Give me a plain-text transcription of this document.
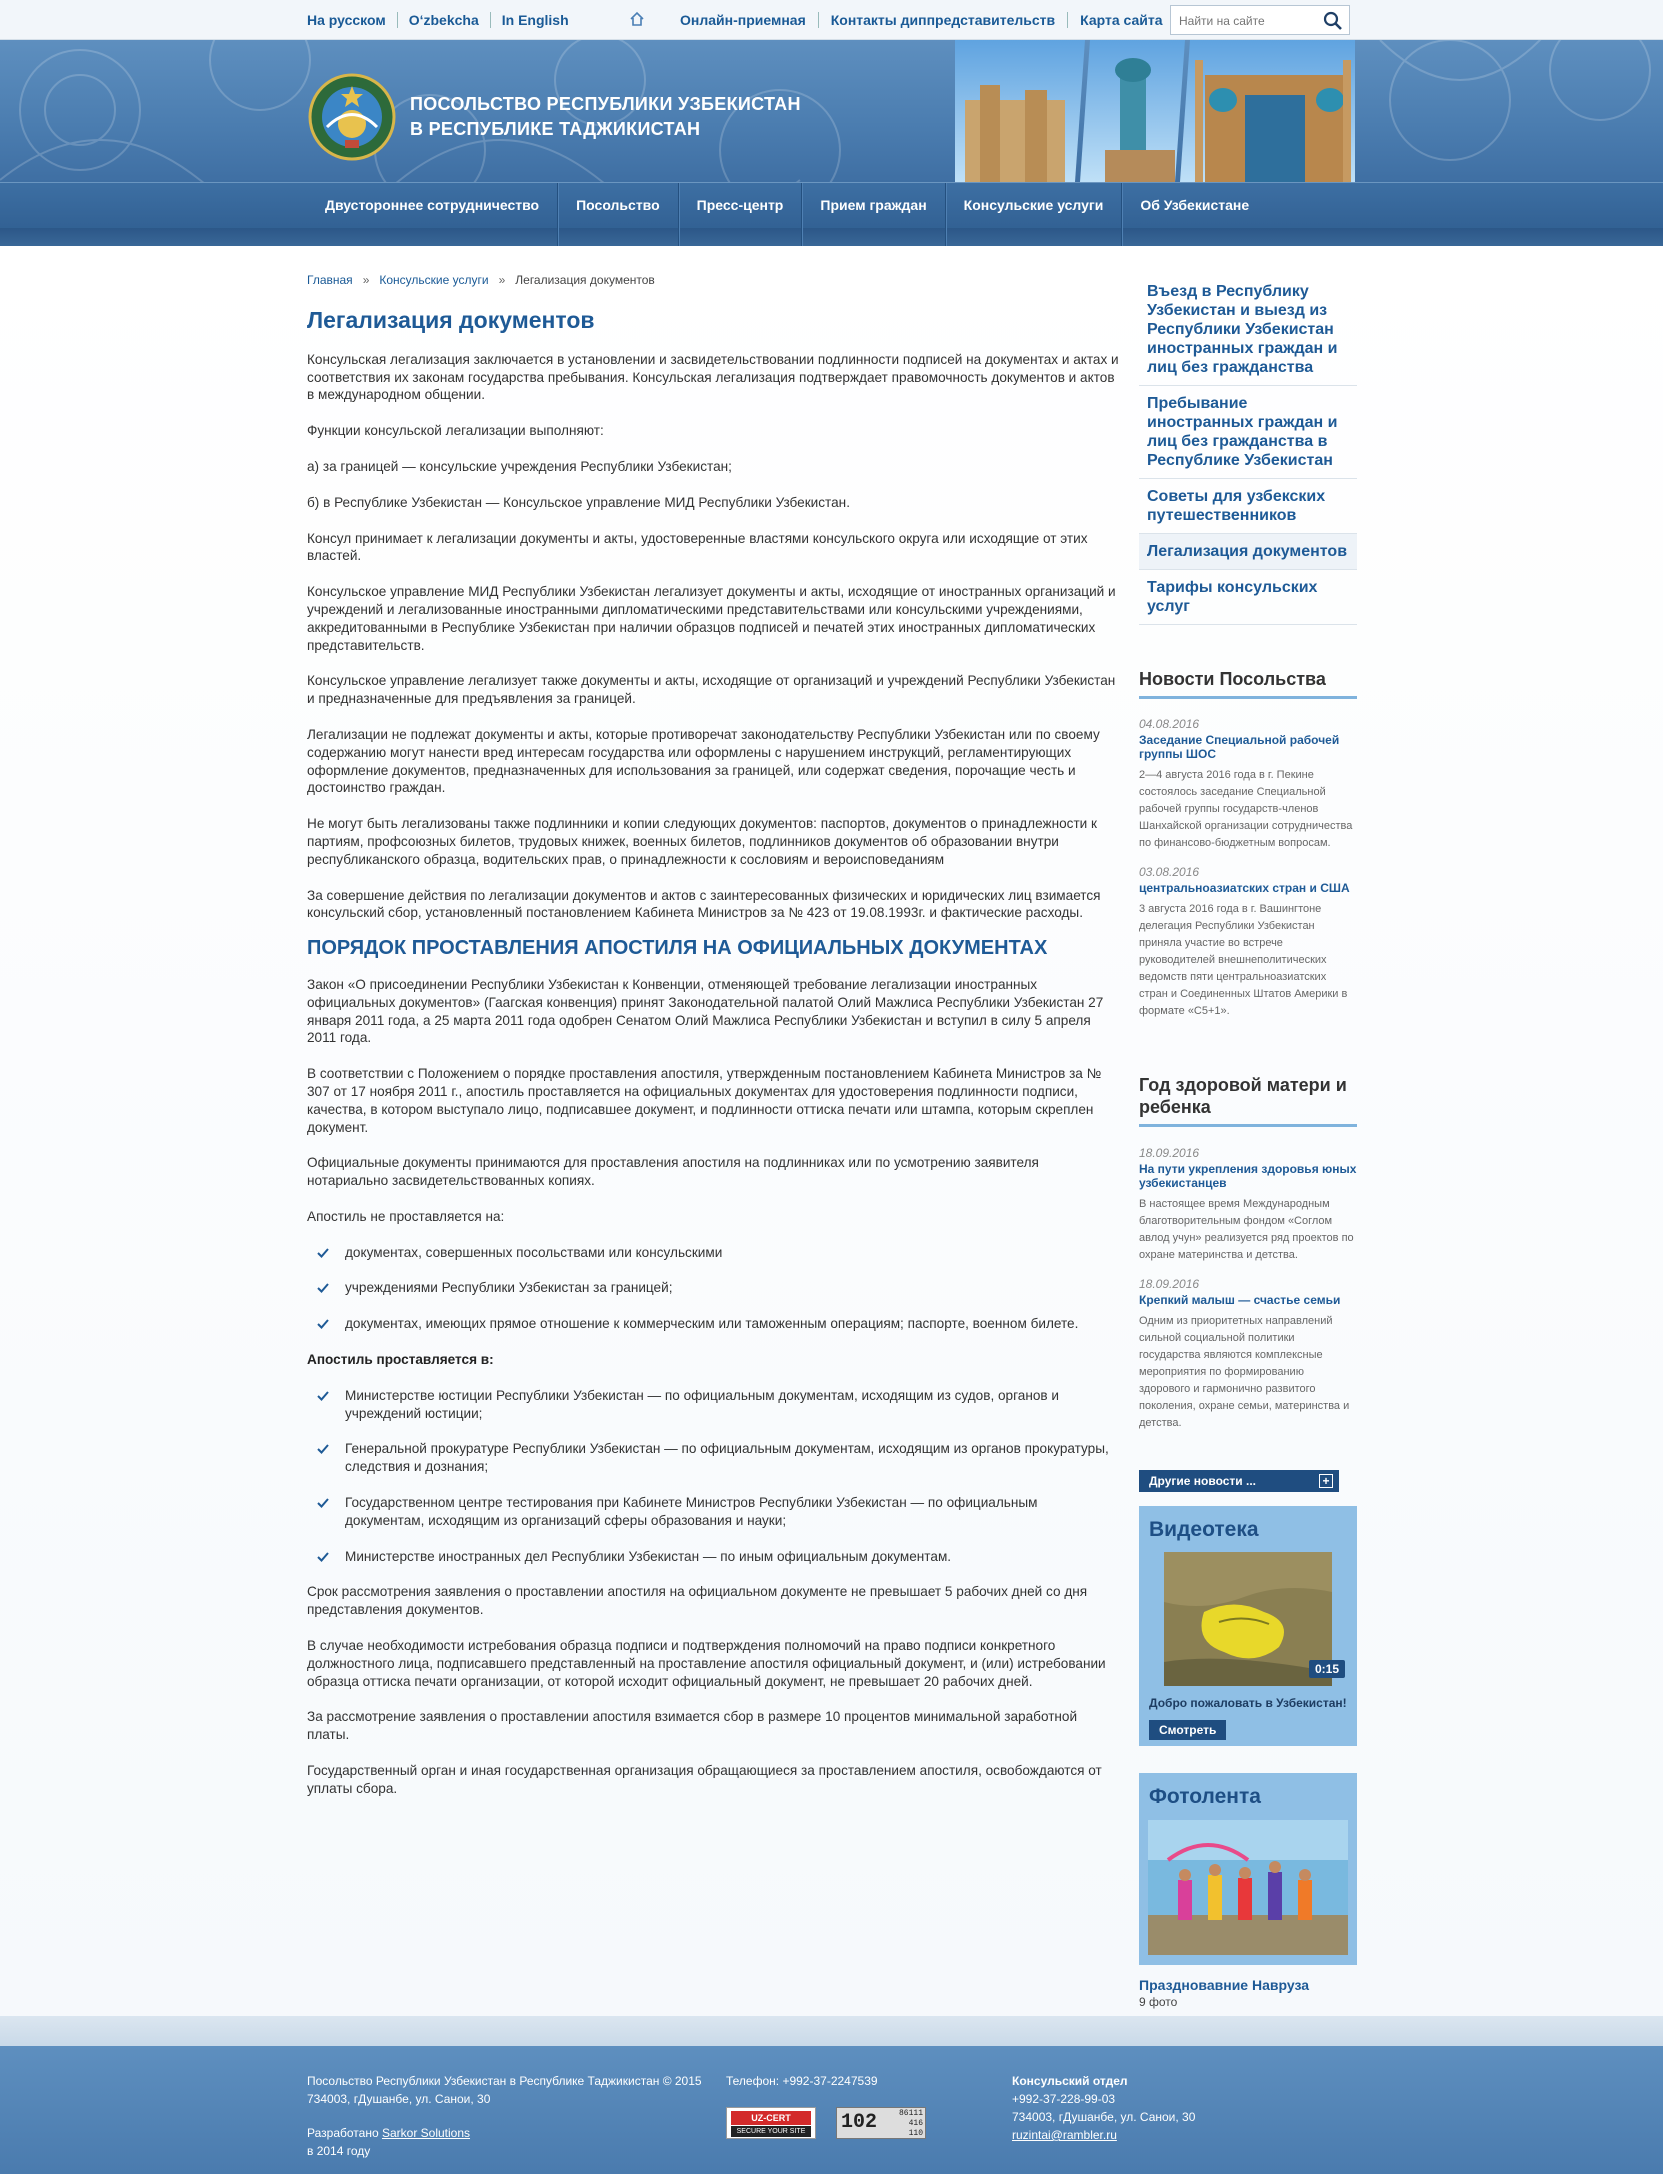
На русском	O‘zbekcha	In English	Онлайн-приемная	Контакты диппредставительств	Карта сайта
Найти на сайте
ПОСОЛЬСТВО РЕСПУБЛИКИ УЗБЕКИСТАН
В РЕСПУБЛИКЕ ТАДЖИКИСТАН
Двустороннее сотрудничество	Посольство	Пресс-центр	Прием граждан	Консульские услуги	Об Узбекистане
Главная » Консульские услуги » Легализация документов
Легализация документов

Консульская легализация заключается в установлении и засвидетельствовании подлинности подписей на документах и актах и соответствия их законам государства пребывания. Консульская легализация подтверждает правомочность документов и актов в международном общении.

Функции консульской легализации выполняют:

а) за границей — консульские учреждения Республики Узбекистан;

б) в Республике Узбекистан — Консульское управление МИД Республики Узбекистан.

Консул принимает к легализации документы и акты, удостоверенные властями консульского округа или исходящие от этих властей.

Консульское управление МИД Республики Узбекистан легализует документы и акты, исходящие от иностранных организаций и учреждений и легализованные иностранными дипломатическими представительствами или консульскими учреждениями, аккредитованными в Республике Узбекистан при наличии образцов подписей и печатей этих иностранных дипломатических представительств.

Консульское управление легализует также документы и акты, исходящие от организаций и учреждений Республики Узбекистан и предназначенные для предъявления за границей.

Легализации не подлежат документы и акты, которые противоречат законодательству Республики Узбекистан или по своему содержанию могут нанести вред интересам государства или оформлены с нарушением инструкций, регламентирующих оформление документов, предназначенных для использования за границей, или содержат сведения, порочащие честь и достоинство граждан.

Не могут быть легализованы также подлинники и копии следующих документов: паспортов, документов о принадлежности к партиям, профсоюзных билетов, трудовых книжек, военных билетов, подлинников документов об образовании внутри республиканского образца, водительских прав, о принадлежности к сословиям и вероисповеданиям

За совершение действия по легализации документов и актов с заинтересованных физических и юридических лиц взимается консульский сбор, установленный постановлением Кабинета Министров за № 423 от 19.08.1993г. и фактические расходы.

ПОРЯДОК ПРОСТАВЛЕНИЯ АПОСТИЛЯ НА ОФИЦИАЛЬНЫХ ДОКУМЕНТАХ

Закон «О присоединении Республики Узбекистан к Конвенции, отменяющей требование легализации иностранных официальных документов» (Гаагская конвенция) принят Законодательной палатой Олий Мажлиса Республики Узбекистан 27 января 2011 года, а 25 марта 2011 года одобрен Сенатом Олий Мажлиса Республики Узбекистан и вступил в силу 5 апреля 2011 года.

В соответствии с Положением о порядке проставления апостиля, утвержденным постановлением Кабинета Министров за № 307 от 17 ноября 2011 г., апостиль проставляется на официальных документах для удостоверения подлинности подписи, качества, в котором выступало лицо, подписавшее документ, и подлинности оттиска печати или штампа, которым скреплен документ.

Официальные документы принимаются для проставления апостиля на подлинниках или по усмотрению заявителя нотариально засвидетельствованных копиях.

Апостиль не проставляется на:

документах, совершенных посольствами или консульскими
учреждениями Республики Узбекистан за границей;
документах, имеющих прямое отношение к коммерческим или таможенным операциям; паспорте, военном билете.

Апостиль проставляется в:

Министерстве юстиции Республики Узбекистан — по официальным документам, исходящим из судов, органов и учреждений юстиции;
Генеральной прокуратуре Республики Узбекистан — по официальным документам, исходящим из органов прокуратуры, следствия и дознания;
Государственном центре тестирования при Кабинете Министров Республики Узбекистан — по официальным документам, исходящим из организаций сферы образования и науки;
Министерстве иностранных дел Республики Узбекистан — по иным официальным документам.

Срок рассмотрения заявления о проставлении апостиля на официальном документе не превышает 5 рабочих дней со дня представления документов.

В случае необходимости истребования образца подписи и подтверждения полномочий на право подписи конкретного должностного лица, подписавшего представленный на проставление апостиля официальный документ, и (или) истребовании образца оттиска печати организации, от которой исходит официальный документ, не превышает 20 рабочих дней.

За рассмотрение заявления о проставлении апостиля взимается сбор в размере 10 процентов минимальной заработной платы.

Государственный орган и иная государственная организация обращающиеся за проставлением апостиля, освобождаются от уплаты сбора.

Въезд в Республику Узбекистан и выезд из Республики Узбекистан иностранных граждан и лиц без гражданства
Пребывание иностранных граждан и лиц без гражданства в Республике Узбекистан
Советы для узбекских путешественников
Легализация документов
Тарифы консульских услуг
Новости Посольства
04.08.2016
Заседание Специальной рабочей группы ШОС
2—4 августа 2016 года в г. Пекине состоялось заседание Специальной рабочей группы государств-членов Шанхайской организации сотрудничества по финансово-бюджетным вопросам.
03.08.2016
центральноазиатских стран и США
3 августа 2016 года в г. Вашингтоне делегация Республики Узбекистан приняла участие во встрече руководителей внешнеполитических ведомств пяти центральноазиатских стран и Соединенных Штатов Америки в формате «С5+1».
Год здоровой матери и ребенка
18.09.2016
На пути укрепления здоровья юных узбекистанцев
В настоящее время Международным благотворительным фондом «Соглом авлод учун» реализуется ряд проектов по охране материнства и детства.
18.09.2016
Крепкий малыш — счастье семьи
Одним из приоритетных направлений сильной социальной политики государства являются комплексные мероприятия по формированию здорового и гармонично развитого поколения, охране семьи, материнства и детства.
Другие новости ...	+
Видеотека
0:15
Добро пожаловать в Узбекистан!
Смотреть
Фотолента
Праздновавние Навруза
9 фото
Посольство Республики Узбекистан в Республике Таджикистан © 2015
734003, гДушанбе, ул. Санои, 30
Разработано Sarkor Solutions
в 2014 году
Телефон: +992-37-2247539	Консульский отдел
+992-37-228-99-03
734003, гДушанбе, ул. Санои, 30
ruzintai@rambler.ru
UZ-CERT
SECURE YOUR SITE 102	86111
416
110
